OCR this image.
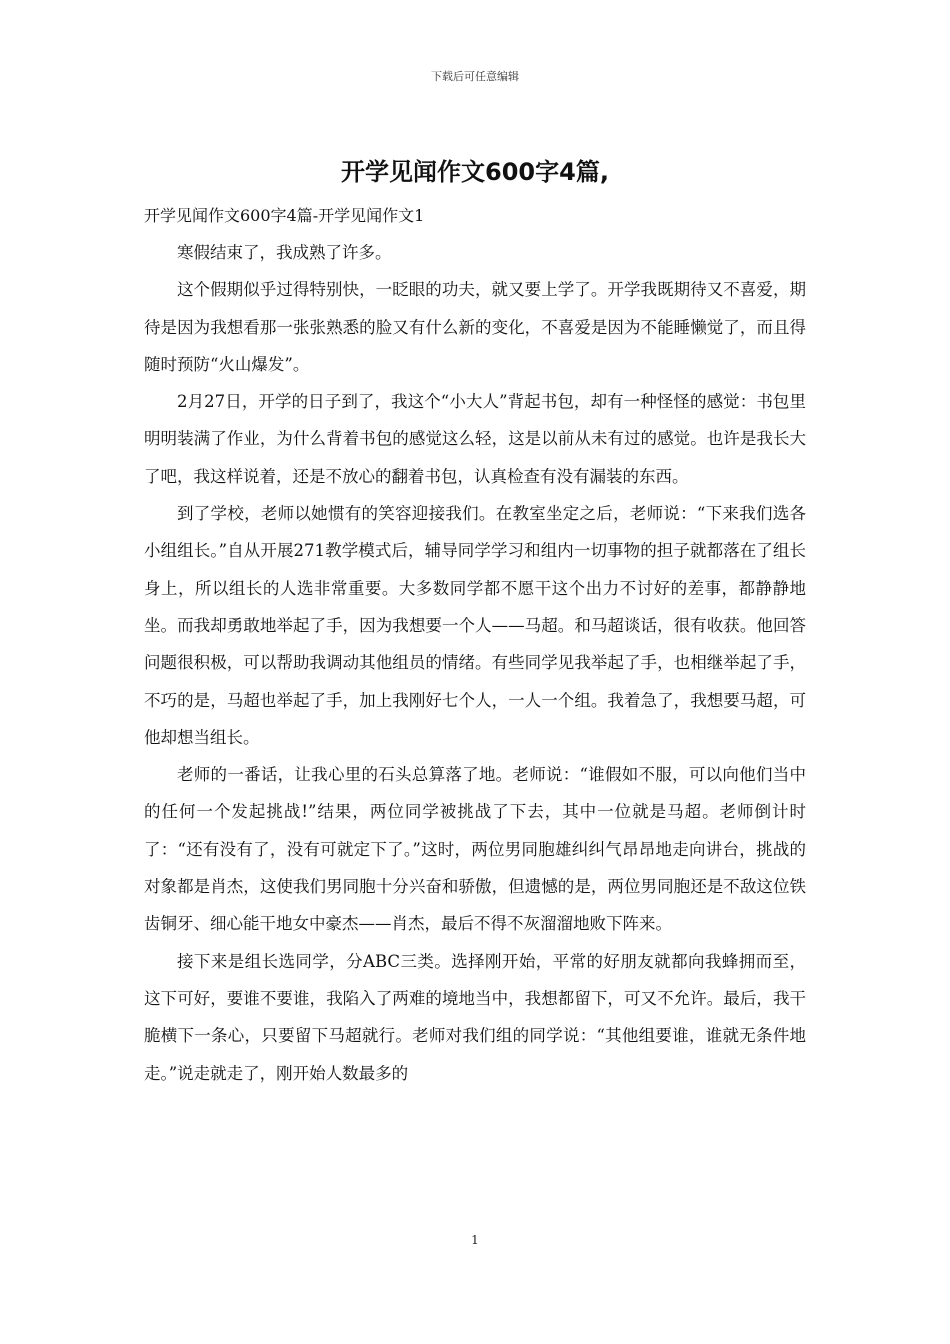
下载后可任意编辑
开学见闻作文600字4篇,

开学见闻作文600字4篇-开学见闻作文1

寒假结束了，我成熟了许多。

这个假期似乎过得特别快，一眨眼的功夫，就又要上学了。开学我既期待又不喜爱，期待是因为我想看那一张张熟悉的脸又有什么新的变化，不喜爱是因为不能睡懒觉了，而且得随时预防“火山爆发”。

2月27日，开学的日子到了，我这个“小大人”背起书包，却有一种怪怪的感觉：书包里明明装满了作业，为什么背着书包的感觉这么轻，这是以前从未有过的感觉。也许是我长大了吧，我这样说着，还是不放心的翻着书包，认真检查有没有漏装的东西。

到了学校，老师以她惯有的笑容迎接我们。在教室坐定之后，老师说：“下来我们选各小组组长。”自从开展271教学模式后，辅导同学学习和组内一切事物的担子就都落在了组长身上，所以组长的人选非常重要。大多数同学都不愿干这个出力不讨好的差事，都静静地坐。而我却勇敢地举起了手，因为我想要一个人——马超。和马超谈话，很有收获。他回答问题很积极，可以帮助我调动其他组员的情绪。有些同学见我举起了手，也相继举起了手，不巧的是，马超也举起了手，加上我刚好七个人，一人一个组。我着急了，我想要马超，可他却想当组长。

老师的一番话，让我心里的石头总算落了地。老师说：“谁假如不服，可以向他们当中的任何一个发起挑战!”结果，两位同学被挑战了下去，其中一位就是马超。老师倒计时了：“还有没有了，没有可就定下了。”这时，两位男同胞雄纠纠气昂昂地走向讲台，挑战的对象都是肖杰，这使我们男同胞十分兴奋和骄傲，但遗憾的是，两位男同胞还是不敌这位铁齿铜牙、细心能干地女中豪杰——肖杰，最后不得不灰溜溜地败下阵来。

接下来是组长选同学，分ABC三类。选择刚开始，平常的好朋友就都向我蜂拥而至，这下可好，要谁不要谁，我陷入了两难的境地当中，我想都留下，可又不允许。最后，我干脆横下一条心，只要留下马超就行。老师对我们组的同学说：“其他组要谁，谁就无条件地走。”说走就走了，刚开始人数最多的

1
